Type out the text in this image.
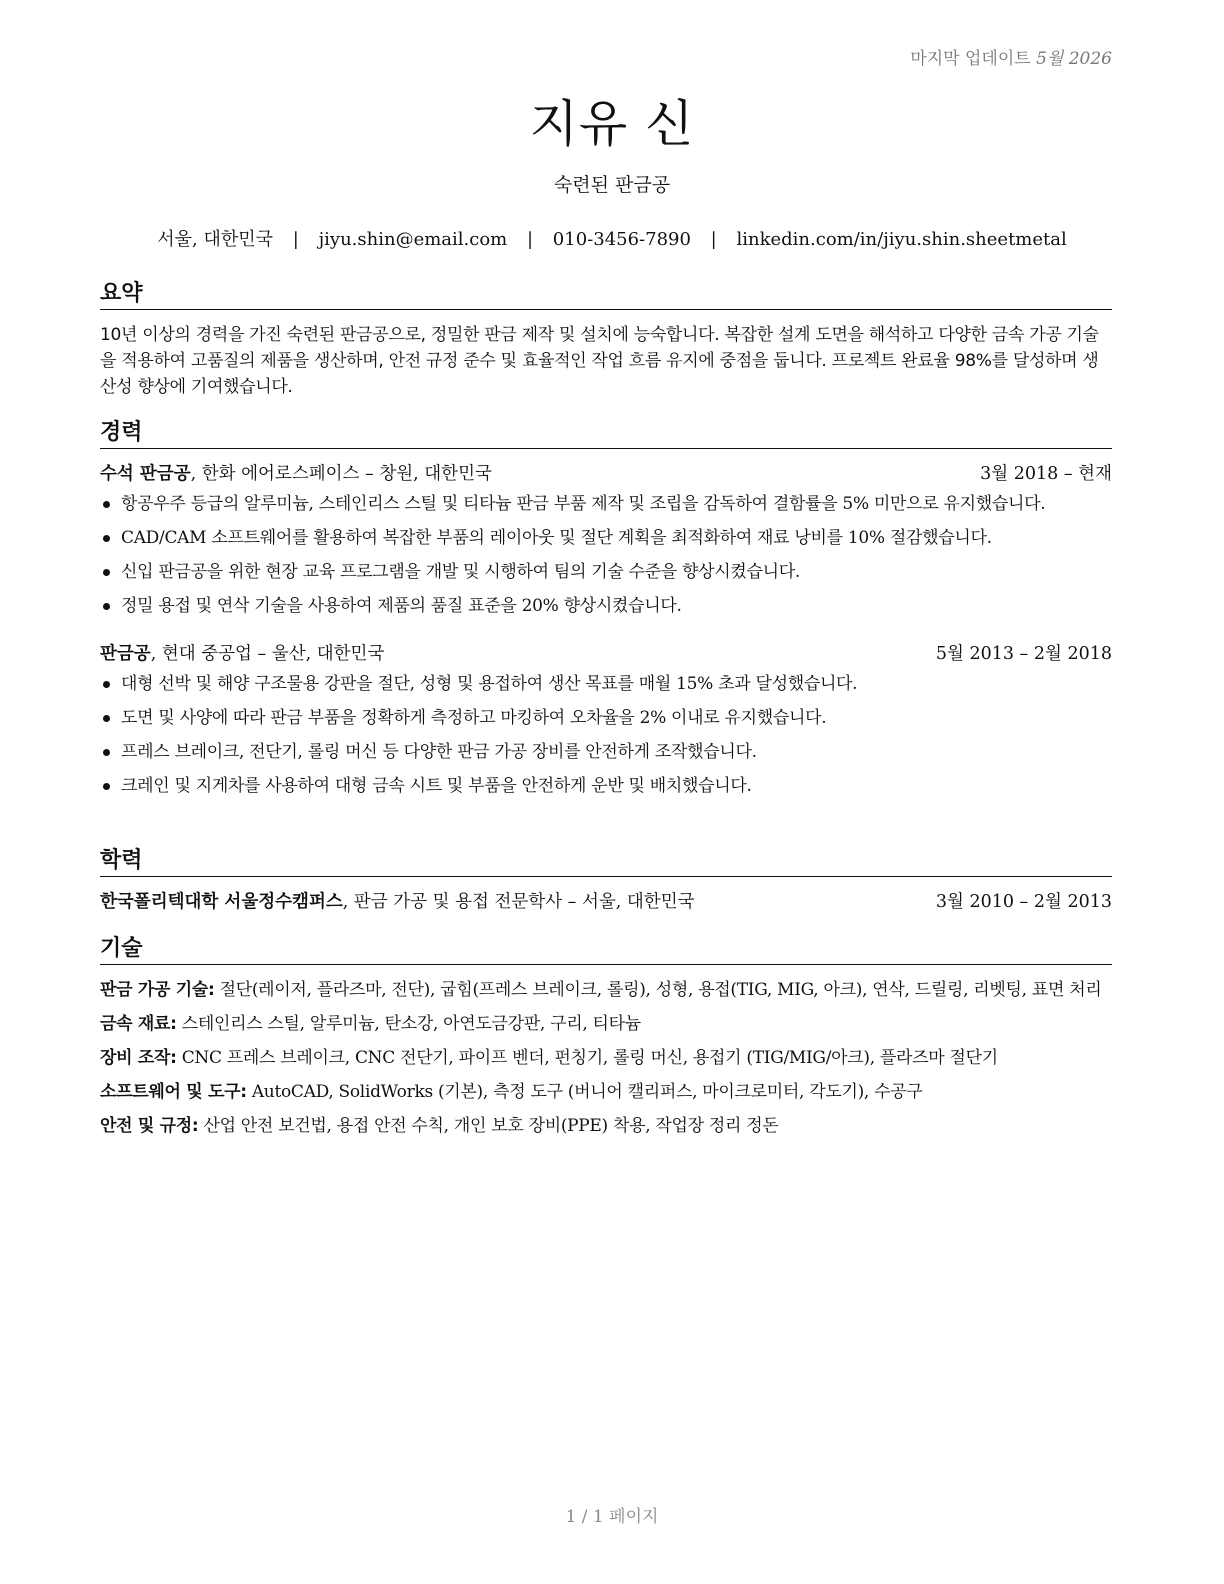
마지막 업데이트 5월 2026
지유 신
숙련된 판금공
서울, 대한민국 | jiyu.shin@email.com | 010-3456-7890 | linkedin.com/in/jiyu.shin.sheetmetal
요약
10년 이상의 경력을 가진 숙련된 판금공으로, 정밀한 판금 제작 및 설치에 능숙합니다. 복잡한 설계 도면을 해석하고 다양한 금속 가공 기술을 적용하여 고품질의 제품을 생산하며, 안전 규정 준수 및 효율적인 작업 흐름 유지에 중점을 둡니다. 프로젝트 완료율 98%를 달성하며 생산성 향상에 기여했습니다.
경력
수석 판금공, 한화 에어로스페이스 – 창원, 대한민국	3월 2018 – 현재
항공우주 등급의 알루미늄, 스테인리스 스틸 및 티타늄 판금 부품 제작 및 조립을 감독하여 결함률을 5% 미만으로 유지했습니다.
CAD/CAM 소프트웨어를 활용하여 복잡한 부품의 레이아웃 및 절단 계획을 최적화하여 재료 낭비를 10% 절감했습니다.
신입 판금공을 위한 현장 교육 프로그램을 개발 및 시행하여 팀의 기술 수준을 향상시켰습니다.
정밀 용접 및 연삭 기술을 사용하여 제품의 품질 표준을 20% 향상시켰습니다.
판금공, 현대 중공업 – 울산, 대한민국	5월 2013 – 2월 2018
대형 선박 및 해양 구조물용 강판을 절단, 성형 및 용접하여 생산 목표를 매월 15% 초과 달성했습니다.
도면 및 사양에 따라 판금 부품을 정확하게 측정하고 마킹하여 오차율을 2% 이내로 유지했습니다.
프레스 브레이크, 전단기, 롤링 머신 등 다양한 판금 가공 장비를 안전하게 조작했습니다.
크레인 및 지게차를 사용하여 대형 금속 시트 및 부품을 안전하게 운반 및 배치했습니다.
학력
한국폴리텍대학 서울정수캠퍼스, 판금 가공 및 용접 전문학사 – 서울, 대한민국	3월 2010 – 2월 2013
기술
판금 가공 기술: 절단(레이저, 플라즈마, 전단), 굽힘(프레스 브레이크, 롤링), 성형, 용접(TIG, MIG, 아크), 연삭, 드릴링, 리벳팅, 표면 처리
금속 재료: 스테인리스 스틸, 알루미늄, 탄소강, 아연도금강판, 구리, 티타늄
장비 조작: CNC 프레스 브레이크, CNC 전단기, 파이프 벤더, 펀칭기, 롤링 머신, 용접기 (TIG/MIG/아크), 플라즈마 절단기
소프트웨어 및 도구: AutoCAD, SolidWorks (기본), 측정 도구 (버니어 캘리퍼스, 마이크로미터, 각도기), 수공구
안전 및 규정: 산업 안전 보건법, 용접 안전 수칙, 개인 보호 장비(PPE) 착용, 작업장 정리 정돈
1 / 1 페이지
